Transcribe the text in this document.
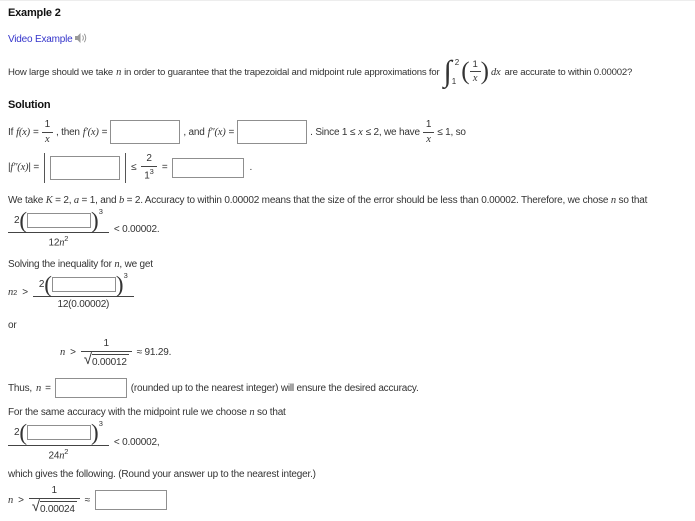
Example 2
Video Example
How large should we take n in order to guarantee that the trapezoidal and midpoint rule approximations for ∫ 2
1 ( $\frac{1}{x}$ ) dx are accurate to within 0.00002?
Solution
If $f(x) = \frac{1}{x}$ , then f′(x) =	, and f″(x) =	. Since 1 ≤ x ≤ 2, we have $\frac{1}{x} \le 1$, so
| f″(x) | =	≤ $\frac{2}{1^3}$ =	.
We take K = 2, a = 1, and b = 2. Accuracy to within 0.00002 means that the size of the error should be less than 0.00002. Therefore, we chose n so that
2 (	)$^3$
$12n^2 < 0.00002$.
Solving the inequality for n, we get
n 2 > 2 (	)$^3$
12(0.00002)
or
$n > \frac{1}{√ 0.00012} \approx 91.29$.
Thus, n =	(rounded up to the nearest integer) will ensure the desired accuracy.
For the same accuracy with the midpoint rule we choose n so that
2 (	)$^3$
$24n^2 < 0.00002$,
which gives the following. (Round your answer up to the nearest integer.)
$n > \frac{1}{√ 0.00024}$ ≈
